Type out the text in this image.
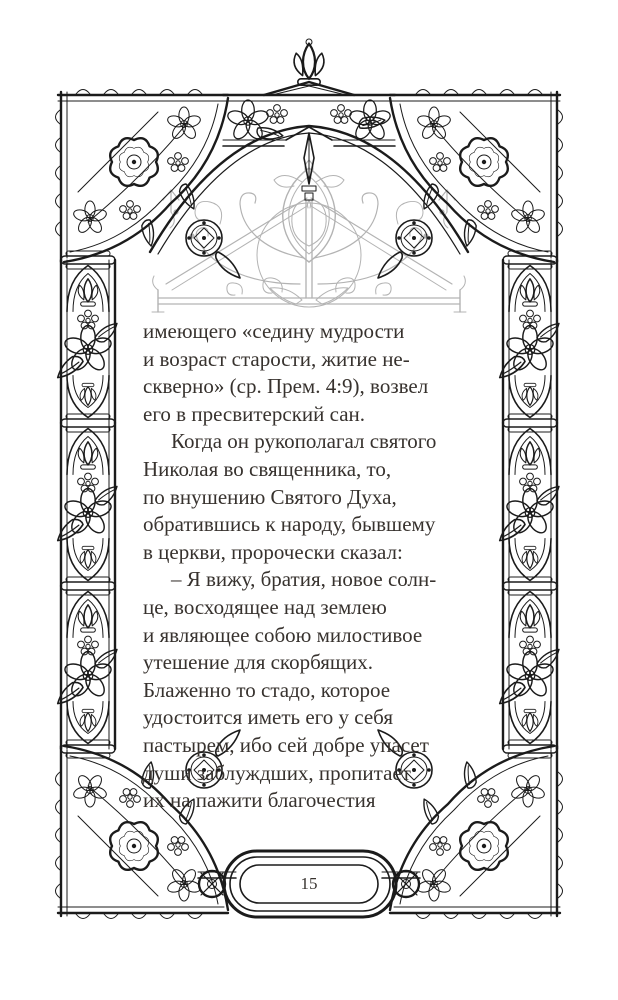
имеющего «седину мудрости
и возраст старости, житие не-
скверно» (ср. Прем. 4:9), возвел
его в пресвитерский сан.

Когда он рукополагал святого
Николая во священника, то,
по внушению Святого Духа,
обратившись к народу, бывшему
в церкви, пророчески сказал:

– Я вижу, братия, новое солн-
це, восходящее над землею
и являющее собою милостивое
утешение для скорбящих.
Блаженно то стадо, которое
удостоится иметь его у себя
пастырем, ибо сей добре упасет
души заблуждших, пропитает
их на пажити благочестия

15
